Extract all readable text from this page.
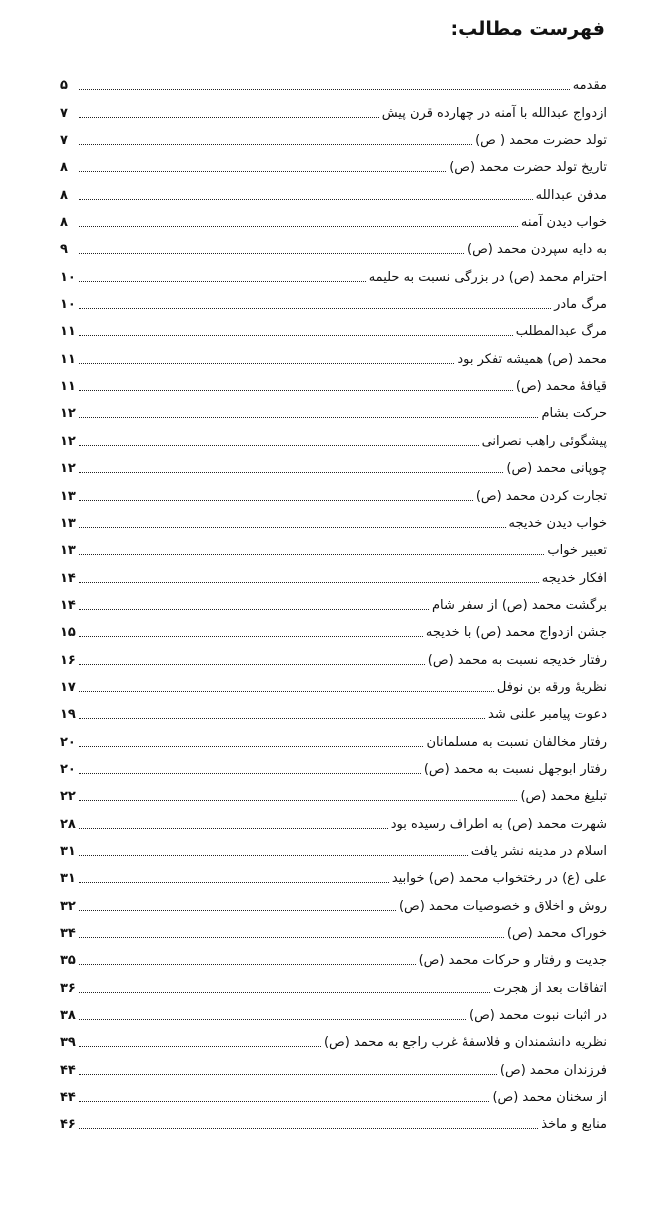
فهرست مطالب:
مقدمه
۵
ازدواج عبدالله با آمنه در چهارده قرن پیش
۷
تولد حضرت محمد ( ص)
۷
تاریخ تولد حضرت محمد (ص)
۸
مدفن عبدالله
۸
خواب دیدن آمنه
۸
به دایه سپردن محمد (ص)
۹
احترام محمد (ص) در بزرگی نسبت به حلیمه
۱۰
مرگ مادر
۱۰
مرگ عبدالمطلب
۱۱
محمد (ص) همیشه تفکر بود
۱۱
قیافهٔ محمد (ص)
۱۱
حرکت بشام
۱۲
پیشگوئی راهب نصرانی
۱۲
چوپانی محمد (ص)
۱۲
تجارت کردن محمد (ص)
۱۳
خواب دیدن خدیجه
۱۳
تعبیر خواب
۱۳
افکار خدیجه
۱۴
برگشت محمد (ص) از سفر شام
۱۴
جشن ازدواج محمد (ص) با خدیجه
۱۵
رفتار خدیجه نسبت به محمد (ص)
۱۶
نظریهٔ ورقه بن نوفل
۱۷
دعوت پیامبر علنی شد
۱۹
رفتار مخالفان نسبت به مسلمانان
۲۰
رفتار ابوجهل نسبت به محمد (ص)
۲۰
تبلیغ محمد (ص)
۲۲
شهرت محمد (ص) به اطراف رسیده بود
۲۸
اسلام در مدینه نشر یافت
۳۱
علی (ع) در رختخواب محمد (ص) خوابید
۳۱
روش و اخلاق و خصوصیات محمد (ص)
۳۲
خوراک محمد (ص)
۳۴
جدیت و رفتار و حرکات محمد (ص)
۳۵
اتفاقات بعد از هجرت
۳۶
در اثبات نبوت محمد (ص)
۳۸
نظریه دانشمندان و فلاسفهٔ غرب راجع به محمد (ص)
۳۹
فرزندان محمد (ص)
۴۴
از سخنان محمد (ص)
۴۴
منابع و ماخذ
۴۶
